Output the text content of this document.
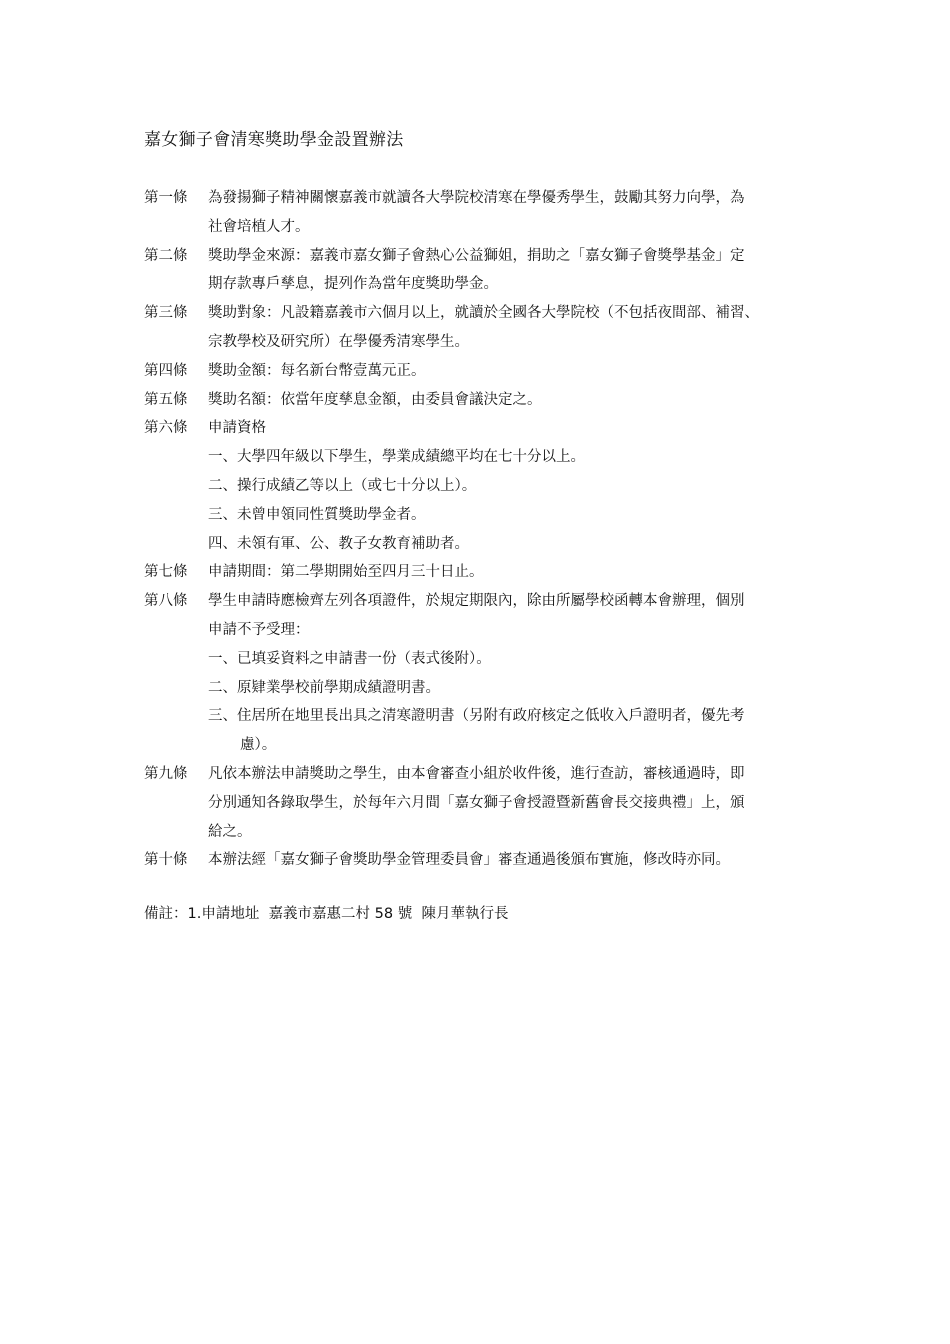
嘉女獅子會清寒獎助學金設置辦法
第一條	為發揚獅子精神關懷嘉義市就讀各大學院校清寒在學優秀學生，鼓勵其努力向學，為
社會培植人才。
第二條	獎助學金來源：嘉義市嘉女獅子會熱心公益獅姐，捐助之「嘉女獅子會獎學基金」定
期存款專戶孳息，提列作為當年度獎助學金。
第三條	獎助對象：凡設籍嘉義市六個月以上，就讀於全國各大學院校（不包括夜間部、補習、
宗教學校及研究所）在學優秀清寒學生。
第四條	獎助金額：每名新台幣壹萬元正。
第五條	獎助名額：依當年度孳息金額，由委員會議決定之。
第六條	申請資格
一、大學四年級以下學生，學業成績總平均在七十分以上。
二、操行成績乙等以上（或七十分以上）。
三、未曾申領同性質獎助學金者。
四、未領有軍、公、教子女教育補助者。
第七條	申請期間：第二學期開始至四月三十日止。
第八條	學生申請時應檢齊左列各項證件，於規定期限內，除由所屬學校函轉本會辦理，個別
申請不予受理：
一、已填妥資料之申請書一份（表式後附）。
二、原肄業學校前學期成績證明書。
三、住居所在地里長出具之清寒證明書（另附有政府核定之低收入戶證明者，優先考
慮）。
第九條	凡依本辦法申請獎助之學生，由本會審查小組於收件後，進行查訪，審核通過時，即
分別通知各錄取學生，於每年六月間「嘉女獅子會授證暨新舊會長交接典禮」上，頒
給之。
第十條	本辦法經「嘉女獅子會獎助學金管理委員會」審查通過後頒布實施，修改時亦同。
備註：1.申請地址  嘉義市嘉惠二村 58 號  陳月華執行長
